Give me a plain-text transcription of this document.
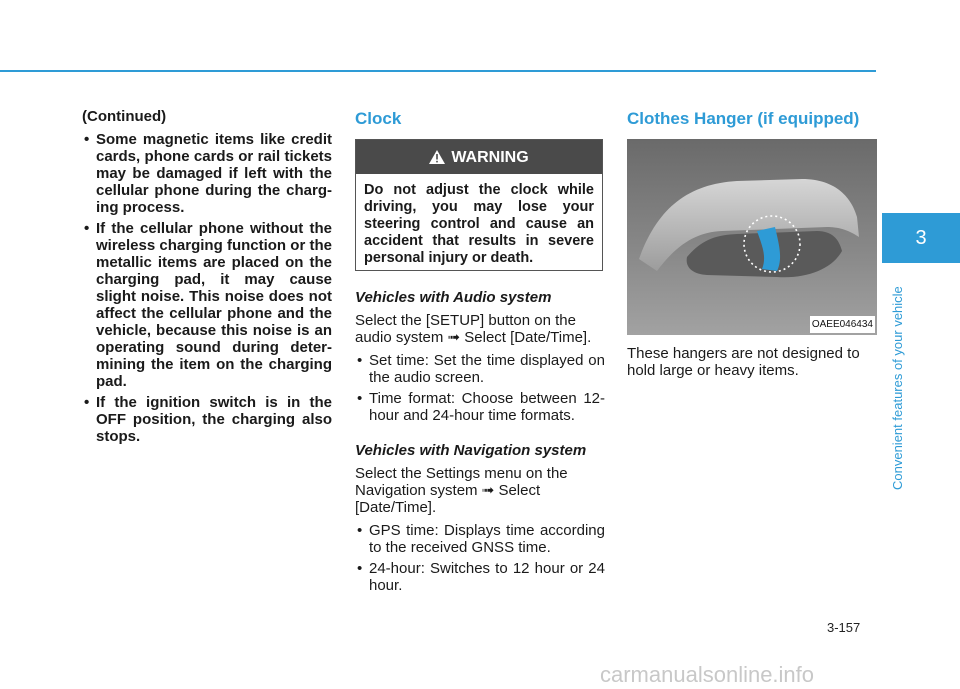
(Continued)

• Some magnetic items like credit cards, phone cards or rail tickets may be damaged if left with the cellular phone during the charg-ing process.
• If the cellular phone without the wireless charging function or the metallic items are placed on the charging pad, it may cause slight noise. This noise does not affect the cellular phone and the vehicle, because this noise is an operating sound during deter-mining the item on the charging pad.
• If the ignition switch is in the OFF position, the charging also stops.
Clock
WARNING
Do not adjust the clock while driving, you may lose your steering control and cause an accident that results in severe personal injury or death.
Vehicles with Audio system

Select the [SETUP] button on the audio system ➟ Select [Date/Time].

• Set time: Set the time displayed on the audio screen.
• Time format: Choose between 12-hour and 24-hour time formats.
Vehicles with Navigation system

Select the Settings menu on the Navigation system ➟ Select [Date/Time].

• GPS time: Displays time according to the received GNSS time.
• 24-hour: Switches to 12 hour or 24 hour.
Clothes Hanger (if equipped)
OAEE046434

These hangers are not designed to hold large or heavy items.

3
Convenient features of your vehicle
3-157
carmanualsonline.info
